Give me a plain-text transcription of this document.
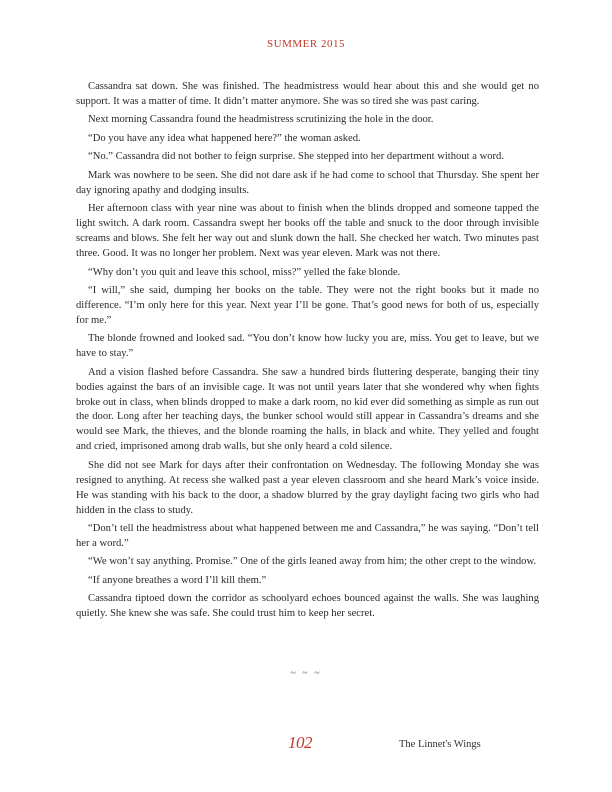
SUMMER 2015

Cassandra sat down. She was finished. The headmistress would hear about this and she would get no support. It was a matter of time. It didn’t matter anymore. She was so tired she was past caring.

Next morning Cassandra found the headmistress scrutinizing the hole in the door.

“Do you have any idea what happened here?” the woman asked.

“No.” Cassandra did not bother to feign surprise. She stepped into her department without a word.

Mark was nowhere to be seen. She did not dare ask if he had come to school that Thursday. She spent her day ignoring apathy and dodging insults.

Her afternoon class with year nine was about to finish when the blinds dropped and someone tapped the light switch. A dark room. Cassandra swept her books off the table and snuck to the door through invisible screams and blows. She felt her way out and slunk down the hall. She checked her watch. Two minutes past three. Good. It was no longer her problem. Next was year eleven. Mark was not there.

“Why don’t you quit and leave this school, miss?” yelled the fake blonde.

“I will,” she said, dumping her books on the table. They were not the right books but it made no difference. “I’m only here for this year. Next year I’ll be gone. That’s good news for both of us, especially for me.”

The blonde frowned and looked sad. “You don’t know how lucky you are, miss. You get to leave, but we have to stay.”

And a vision flashed before Cassandra. She saw a hundred birds fluttering desperate, banging their tiny bodies against the bars of an invisible cage. It was not until years later that she wondered why when fights broke out in class, when blinds dropped to make a dark room, no kid ever did something as simple as run out the door. Long after her teaching days, the bunker school would still appear in Cassandra’s dreams and she would see Mark, the thieves, and the blonde roaming the halls, in black and white. They yelled and fought and cried, imprisoned among drab walls, but she only heard a cold silence.

She did not see Mark for days after their confrontation on Wednesday. The following Monday she was resigned to anything. At recess she walked past a year eleven classroom and she heard Mark’s voice inside. He was standing with his back to the door, a shadow blurred by the gray daylight facing two girls who had hidden in the class to study.

“Don’t tell the headmistress about what happened between me and Cassandra,” he was saying. “Don’t tell her a word.”

“We won’t say anything. Promise.” One of the girls leaned away from him; the other crept to the window.

“If anyone breathes a word I’ll kill them.”

Cassandra tiptoed down the corridor as schoolyard echoes bounced against the walls. She was laughing quietly. She knew she was safe. She could trust him to keep her secret.

~ ~ ~
102	The Linnet's Wings
